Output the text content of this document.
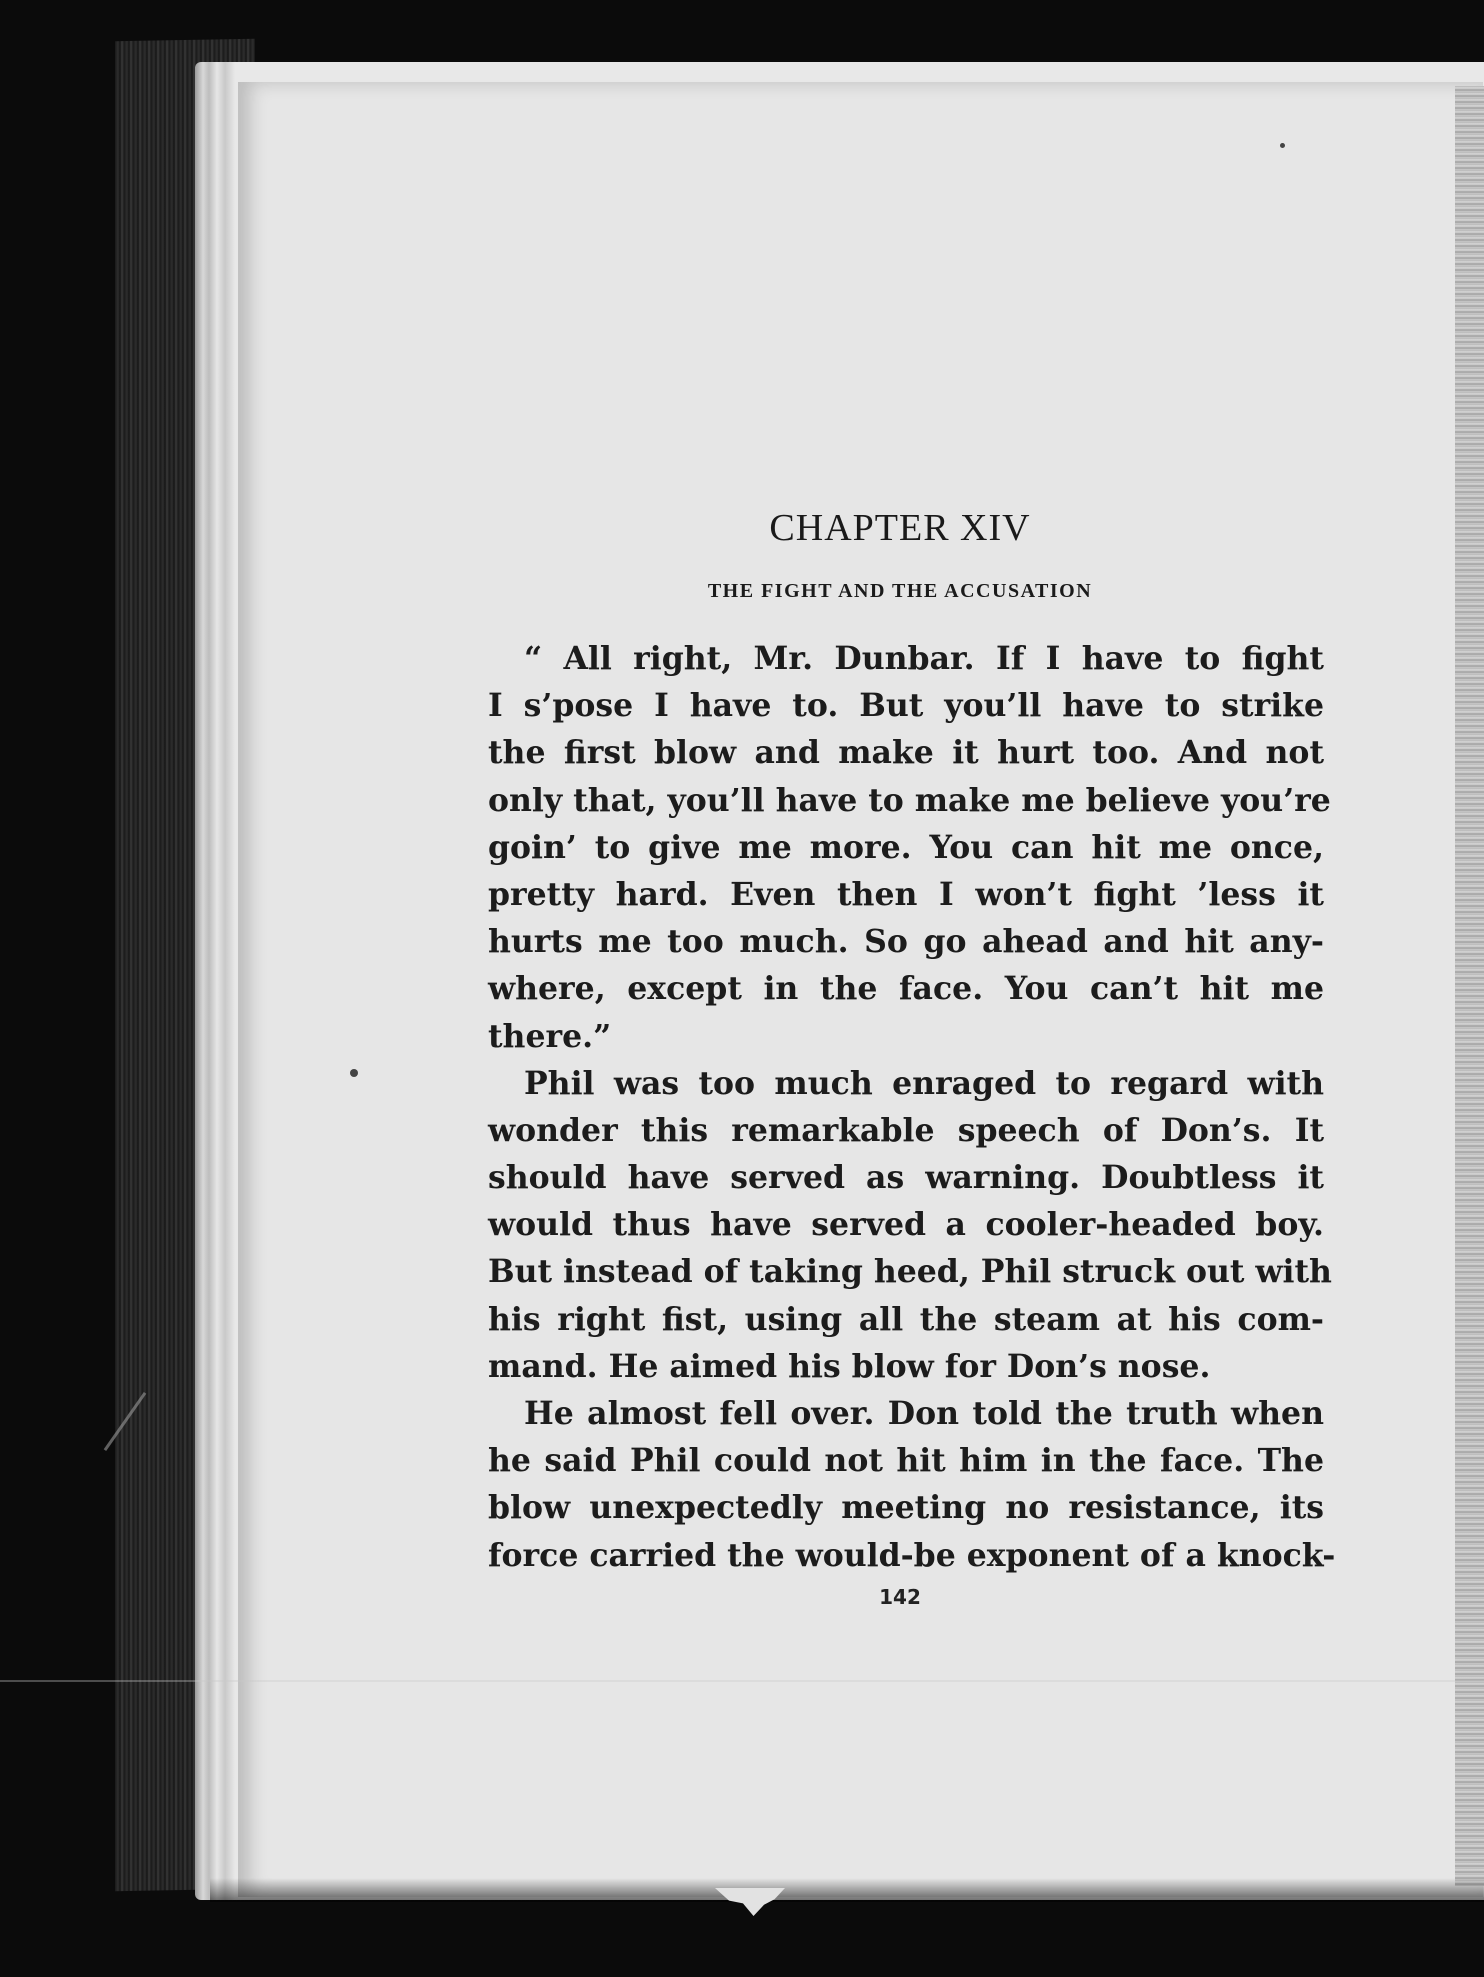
CHAPTER XIV
THE FIGHT AND THE ACCUSATION
“ All right, Mr. Dunbar. If I have to fight
I s’pose I have to. But you’ll have to strike
the first blow and make it hurt too. And not
only that, you’ll have to make me believe you’re
goin’ to give me more. You can hit me once,
pretty hard. Even then I won’t fight ’less it
hurts me too much. So go ahead and hit any-
where, except in the face. You can’t hit me
there.”
Phil was too much enraged to regard with
wonder this remarkable speech of Don’s. It
should have served as warning. Doubtless it
would thus have served a cooler-headed boy.
But instead of taking heed, Phil struck out with
his right fist, using all the steam at his com-
mand. He aimed his blow for Don’s nose.
He almost fell over. Don told the truth when
he said Phil could not hit him in the face. The
blow unexpectedly meeting no resistance, its
force carried the would-be exponent of a knock-
142
